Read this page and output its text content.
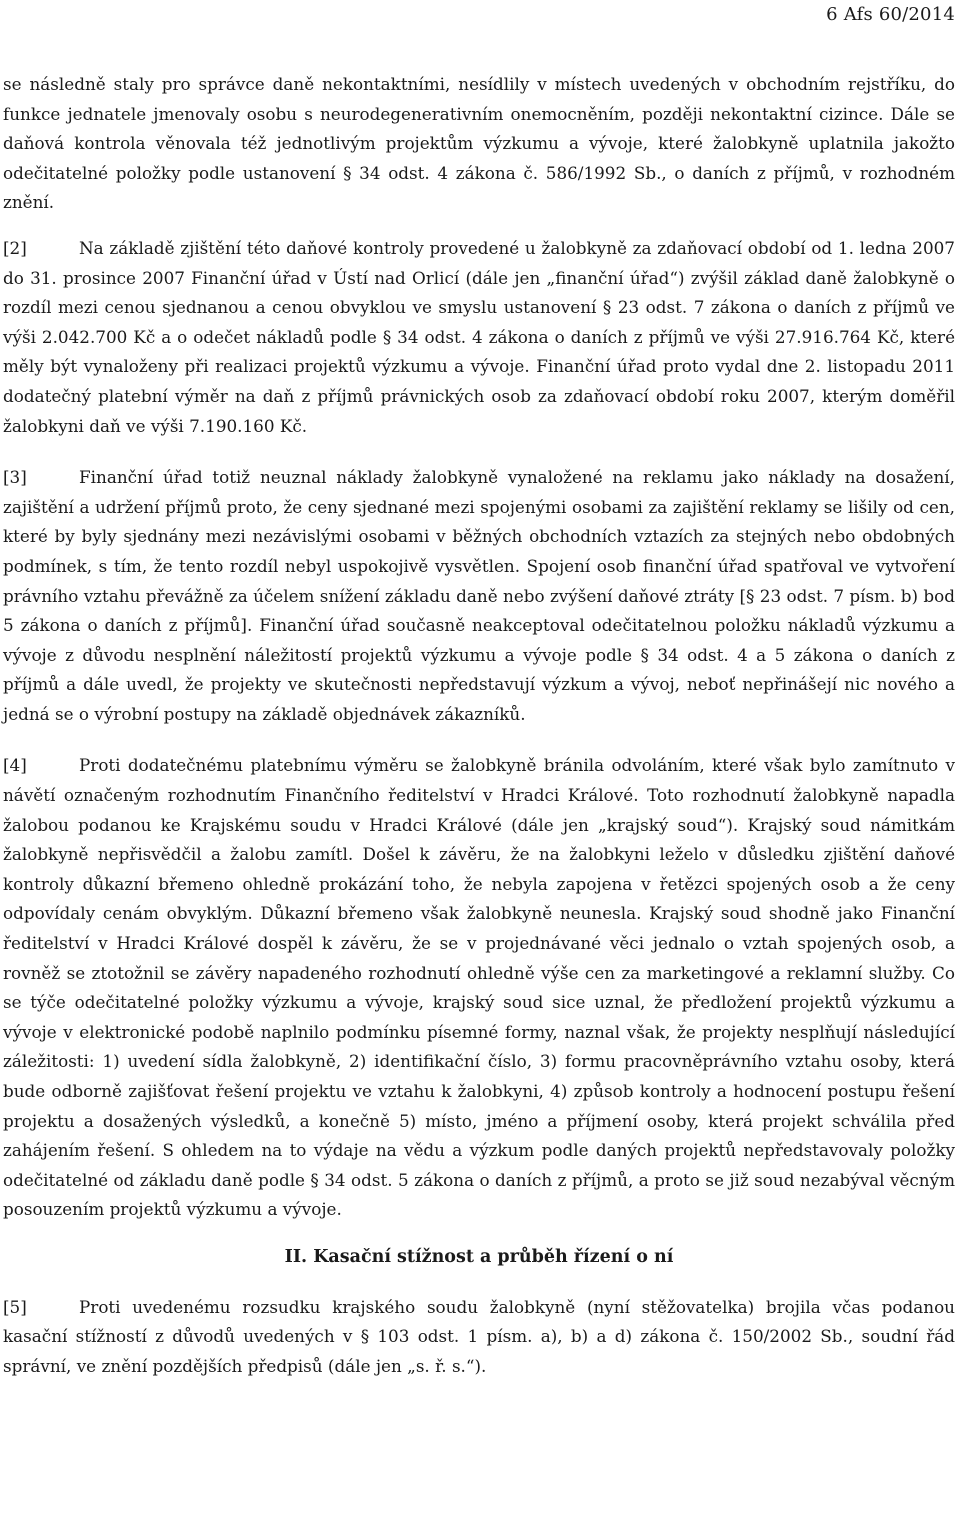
6 Afs 60/2014

se následně staly pro správce daně nekontaktními, nesídlily v místech uvedených v obchodním rejstříku, do funkce jednatele jmenovaly osobu s neurodegenerativním onemocněním, později nekontaktní cizince. Dále se daňová kontrola věnovala též jednotlivým projektům výzkumu a vývoje, které žalobkyně uplatnila jakožto odečitatelné položky podle ustanovení § 34 odst. 4 zákona č. 586/1992 Sb., o daních z příjmů, v rozhodném znění.

[2]	Na základě zjištění této daňové kontroly provedené u žalobkyně za zdaňovací období od 1. ledna 2007 do 31. prosince 2007 Finanční úřad v Ústí nad Orlicí (dále jen „finanční úřad“) zvýšil základ daně žalobkyně o rozdíl mezi cenou sjednanou a cenou obvyklou ve smyslu ustanovení § 23 odst. 7 zákona o daních z příjmů ve výši 2.042.700 Kč a o odečet nákladů podle § 34 odst. 4 zákona o daních z příjmů ve výši 27.916.764 Kč, které měly být vynaloženy při realizaci projektů výzkumu a vývoje. Finanční úřad proto vydal dne 2. listopadu 2011 dodatečný platební výměr na daň z příjmů právnických osob za zdaňovací období roku 2007, kterým doměřil žalobkyni daň ve výši 7.190.160 Kč.

[3]	Finanční úřad totiž neuznal náklady žalobkyně vynaložené na reklamu jako náklady na dosažení, zajištění a udržení příjmů proto, že ceny sjednané mezi spojenými osobami za zajištění reklamy se lišily od cen, které by byly sjednány mezi nezávislými osobami v běžných obchodních vztazích za stejných nebo obdobných podmínek, s tím, že tento rozdíl nebyl uspokojivě vysvětlen. Spojení osob finanční úřad spatřoval ve vytvoření právního vztahu převážně za účelem snížení základu daně nebo zvýšení daňové ztráty [§ 23 odst. 7 písm. b) bod 5 zákona o daních z příjmů]. Finanční úřad současně neakceptoval odečitatelnou položku nákladů výzkumu a vývoje z důvodu nesplnění náležitostí projektů výzkumu a vývoje podle § 34 odst. 4 a 5 zákona o daních z příjmů a dále uvedl, že projekty ve skutečnosti nepředstavují výzkum a vývoj, neboť nepřinášejí nic nového a jedná se o výrobní postupy na základě objednávek zákazníků.

[4]	Proti dodatečnému platebnímu výměru se žalobkyně bránila odvoláním, které však bylo zamítnuto v návětí označeným rozhodnutím Finančního ředitelství v Hradci Králové. Toto rozhodnutí žalobkyně napadla žalobou podanou ke Krajskému soudu v Hradci Králové (dále jen „krajský soud“). Krajský soud námitkám žalobkyně nepřisvědčil a žalobu zamítl. Došel k závěru, že na žalobkyni leželo v důsledku zjištění daňové kontroly důkazní břemeno ohledně prokázání toho, že nebyla zapojena v řetězci spojených osob a že ceny odpovídaly cenám obvyklým. Důkazní břemeno však žalobkyně neunesla. Krajský soud shodně jako Finanční ředitelství v Hradci Králové dospěl k závěru, že se v projednávané věci jednalo o vztah spojených osob, a rovněž se ztotožnil se závěry napadeného rozhodnutí ohledně výše cen za marketingové a reklamní služby. Co se týče odečitatelné položky výzkumu a vývoje, krajský soud sice uznal, že předložení projektů výzkumu a vývoje v elektronické podobě naplnilo podmínku písemné formy, naznal však, že projekty nesplňují následující záležitosti: 1) uvedení sídla žalobkyně, 2) identifikační číslo, 3) formu pracovněprávního vztahu osoby, která bude odborně zajišťovat řešení projektu ve vztahu k žalobkyni, 4) způsob kontroly a hodnocení postupu řešení projektu a dosažených výsledků, a konečně 5) místo, jméno a příjmení osoby, která projekt schválila před zahájením řešení. S ohledem na to výdaje na vědu a výzkum podle daných projektů nepředstavovaly položky odečitatelné od základu daně podle § 34 odst. 5 zákona o daních z příjmů, a proto se již soud nezabýval věcným posouzením projektů výzkumu a vývoje.

II. Kasační stížnost a průběh řízení o ní

[5]	Proti uvedenému rozsudku krajského soudu žalobkyně (nyní stěžovatelka) brojila včas podanou kasační stížností z důvodů uvedených v § 103 odst. 1 písm. a), b) a d) zákona č. 150/2002 Sb., soudní řád správní, ve znění pozdějších předpisů (dále jen „s. ř. s.“).
